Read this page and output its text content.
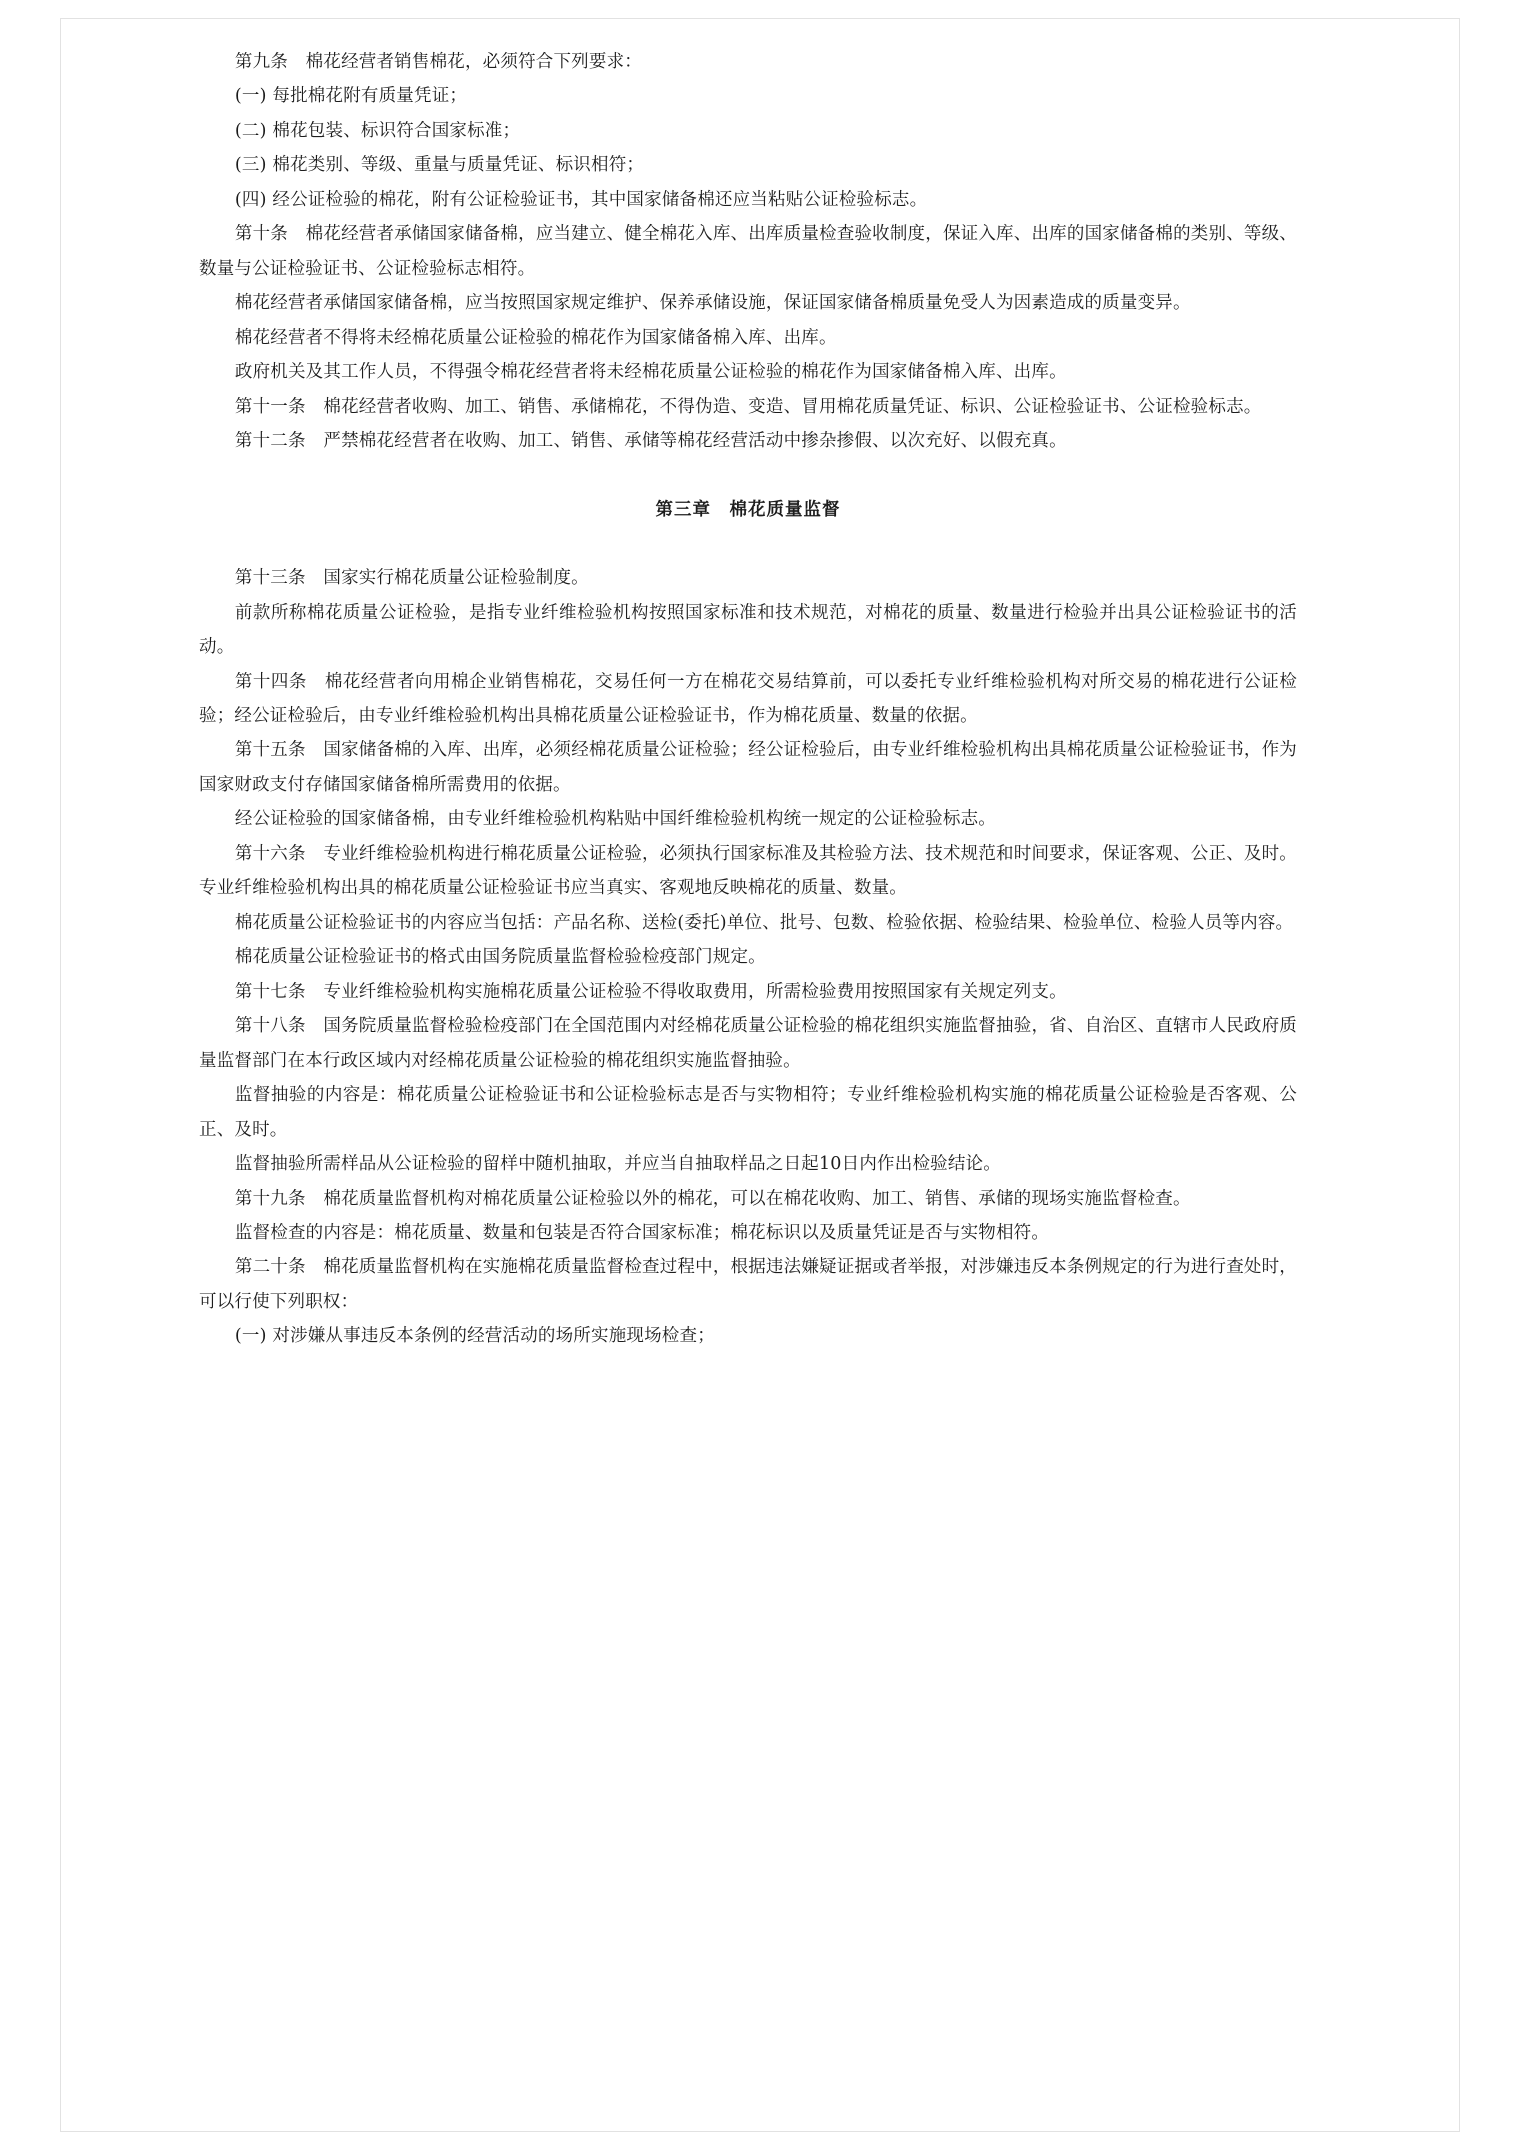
第九条　棉花经营者销售棉花，必须符合下列要求：

(一) 每批棉花附有质量凭证；

(二) 棉花包装、标识符合国家标准；

(三) 棉花类别、等级、重量与质量凭证、标识相符；

(四) 经公证检验的棉花，附有公证检验证书，其中国家储备棉还应当粘贴公证检验标志。

第十条　棉花经营者承储国家储备棉，应当建立、健全棉花入库、出库质量检查验收制度，保证入库、出库的国家储备棉的类别、等级、数量与公证检验证书、公证检验标志相符。

棉花经营者承储国家储备棉，应当按照国家规定维护、保养承储设施，保证国家储备棉质量免受人为因素造成的质量变异。

棉花经营者不得将未经棉花质量公证检验的棉花作为国家储备棉入库、出库。

政府机关及其工作人员，不得强令棉花经营者将未经棉花质量公证检验的棉花作为国家储备棉入库、出库。

第十一条　棉花经营者收购、加工、销售、承储棉花，不得伪造、变造、冒用棉花质量凭证、标识、公证检验证书、公证检验标志。

第十二条　严禁棉花经营者在收购、加工、销售、承储等棉花经营活动中掺杂掺假、以次充好、以假充真。

第三章　棉花质量监督

第十三条　国家实行棉花质量公证检验制度。

前款所称棉花质量公证检验，是指专业纤维检验机构按照国家标准和技术规范，对棉花的质量、数量进行检验并出具公证检验证书的活动。

第十四条　棉花经营者向用棉企业销售棉花，交易任何一方在棉花交易结算前，可以委托专业纤维检验机构对所交易的棉花进行公证检验；经公证检验后，由专业纤维检验机构出具棉花质量公证检验证书，作为棉花质量、数量的依据。

第十五条　国家储备棉的入库、出库，必须经棉花质量公证检验；经公证检验后，由专业纤维检验机构出具棉花质量公证检验证书，作为国家财政支付存储国家储备棉所需费用的依据。

经公证检验的国家储备棉，由专业纤维检验机构粘贴中国纤维检验机构统一规定的公证检验标志。

第十六条　专业纤维检验机构进行棉花质量公证检验，必须执行国家标准及其检验方法、技术规范和时间要求，保证客观、公正、及时。专业纤维检验机构出具的棉花质量公证检验证书应当真实、客观地反映棉花的质量、数量。

棉花质量公证检验证书的内容应当包括：产品名称、送检(委托)单位、批号、包数、检验依据、检验结果、检验单位、检验人员等内容。

棉花质量公证检验证书的格式由国务院质量监督检验检疫部门规定。

第十七条　专业纤维检验机构实施棉花质量公证检验不得收取费用，所需检验费用按照国家有关规定列支。

第十八条　国务院质量监督检验检疫部门在全国范围内对经棉花质量公证检验的棉花组织实施监督抽验，省、自治区、直辖市人民政府质量监督部门在本行政区域内对经棉花质量公证检验的棉花组织实施监督抽验。

监督抽验的内容是：棉花质量公证检验证书和公证检验标志是否与实物相符；专业纤维检验机构实施的棉花质量公证检验是否客观、公正、及时。

监督抽验所需样品从公证检验的留样中随机抽取，并应当自抽取样品之日起10日内作出检验结论。

第十九条　棉花质量监督机构对棉花质量公证检验以外的棉花，可以在棉花收购、加工、销售、承储的现场实施监督检查。

监督检查的内容是：棉花质量、数量和包装是否符合国家标准；棉花标识以及质量凭证是否与实物相符。

第二十条　棉花质量监督机构在实施棉花质量监督检查过程中，根据违法嫌疑证据或者举报，对涉嫌违反本条例规定的行为进行查处时，可以行使下列职权：

(一) 对涉嫌从事违反本条例的经营活动的场所实施现场检查；
